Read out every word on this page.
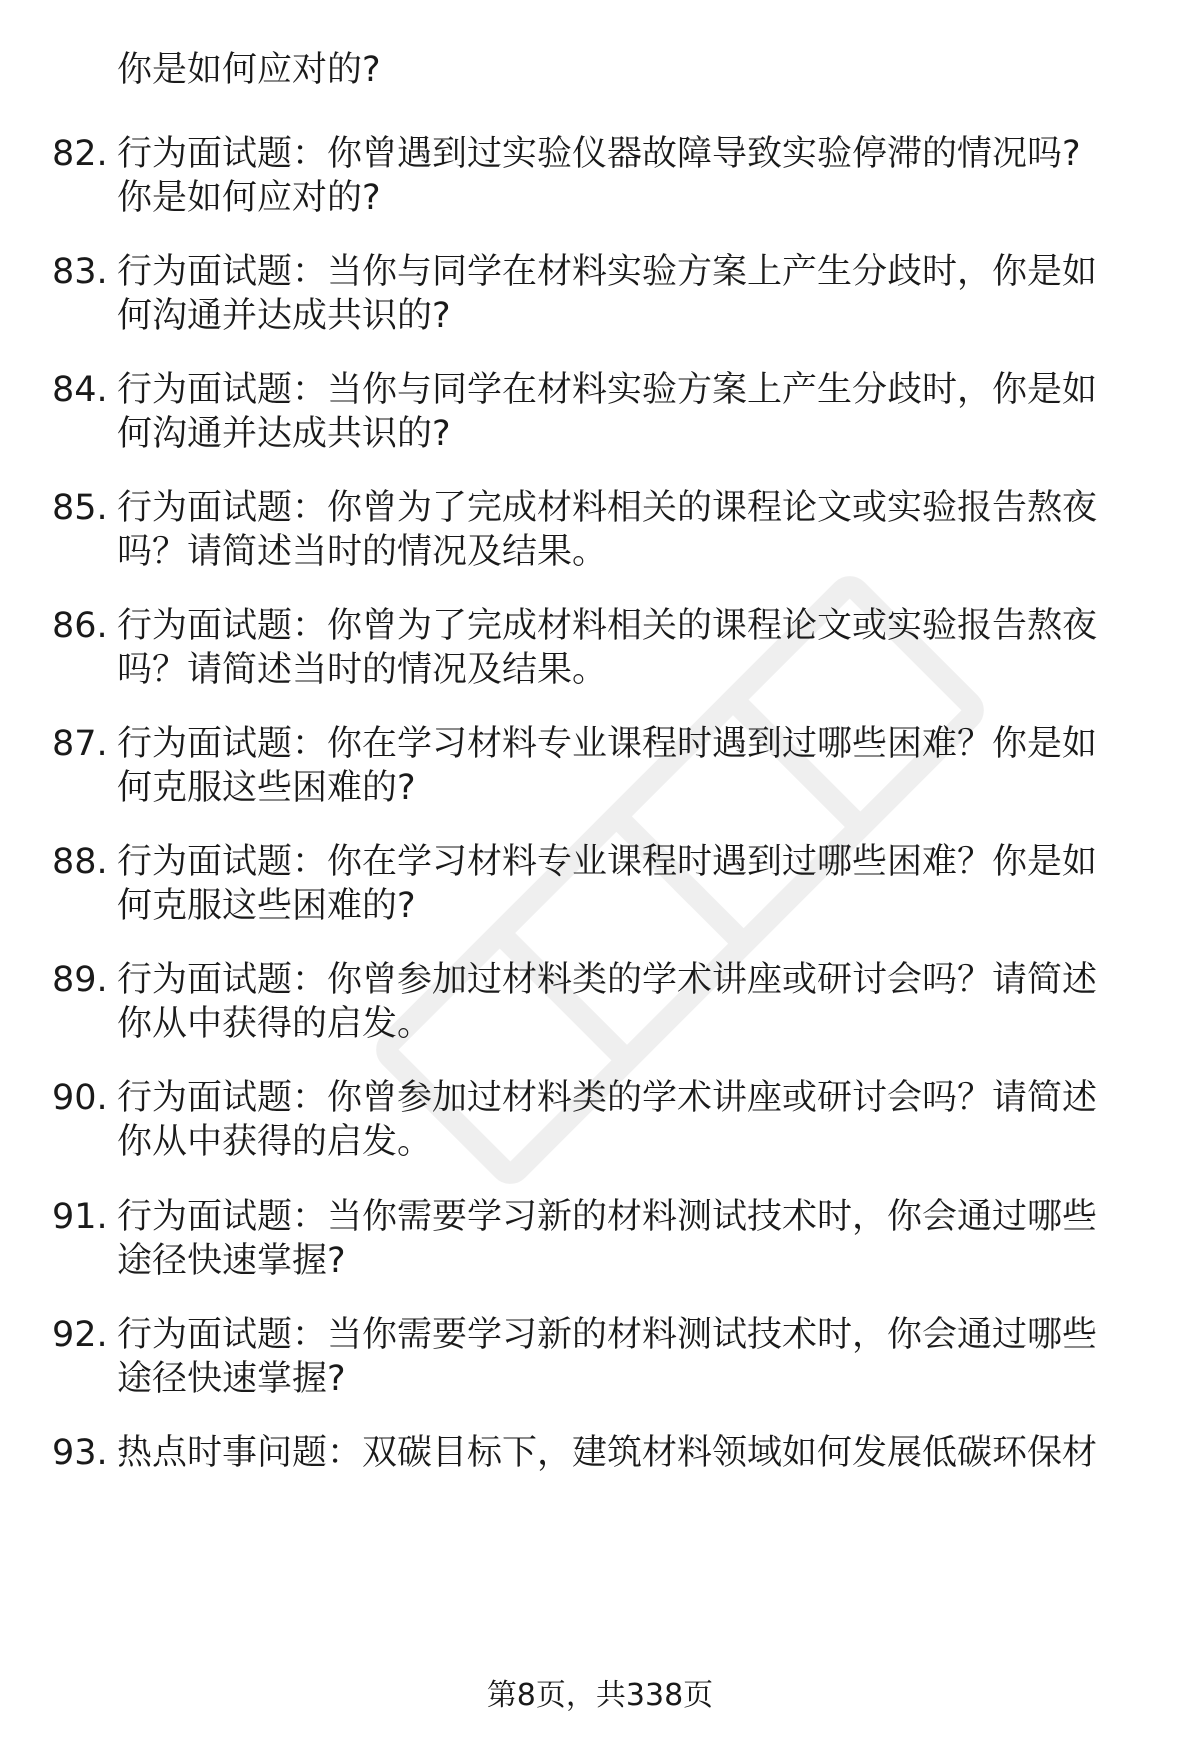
你是如何应对的?
82. 行为面试题：你曾遇到过实验仪器故障导致实验停滞的情况吗?
你是如何应对的?
83. 行为面试题：当你与同学在材料实验方案上产生分歧时，你是如
何沟通并达成共识的?
84. 行为面试题：当你与同学在材料实验方案上产生分歧时，你是如
何沟通并达成共识的?
85. 行为面试题：你曾为了完成材料相关的课程论文或实验报告熬夜
吗？请简述当时的情况及结果。
86. 行为面试题：你曾为了完成材料相关的课程论文或实验报告熬夜
吗？请简述当时的情况及结果。
87. 行为面试题：你在学习材料专业课程时遇到过哪些困难？你是如
何克服这些困难的?
88. 行为面试题：你在学习材料专业课程时遇到过哪些困难？你是如
何克服这些困难的?
89. 行为面试题：你曾参加过材料类的学术讲座或研讨会吗？请简述
你从中获得的启发。
90. 行为面试题：你曾参加过材料类的学术讲座或研讨会吗？请简述
你从中获得的启发。
91. 行为面试题：当你需要学习新的材料测试技术时，你会通过哪些
途径快速掌握?
92. 行为面试题：当你需要学习新的材料测试技术时，你会通过哪些
途径快速掌握?
93. 热点时事问题：双碳目标下，建筑材料领域如何发展低碳环保材
第8页，共338页
